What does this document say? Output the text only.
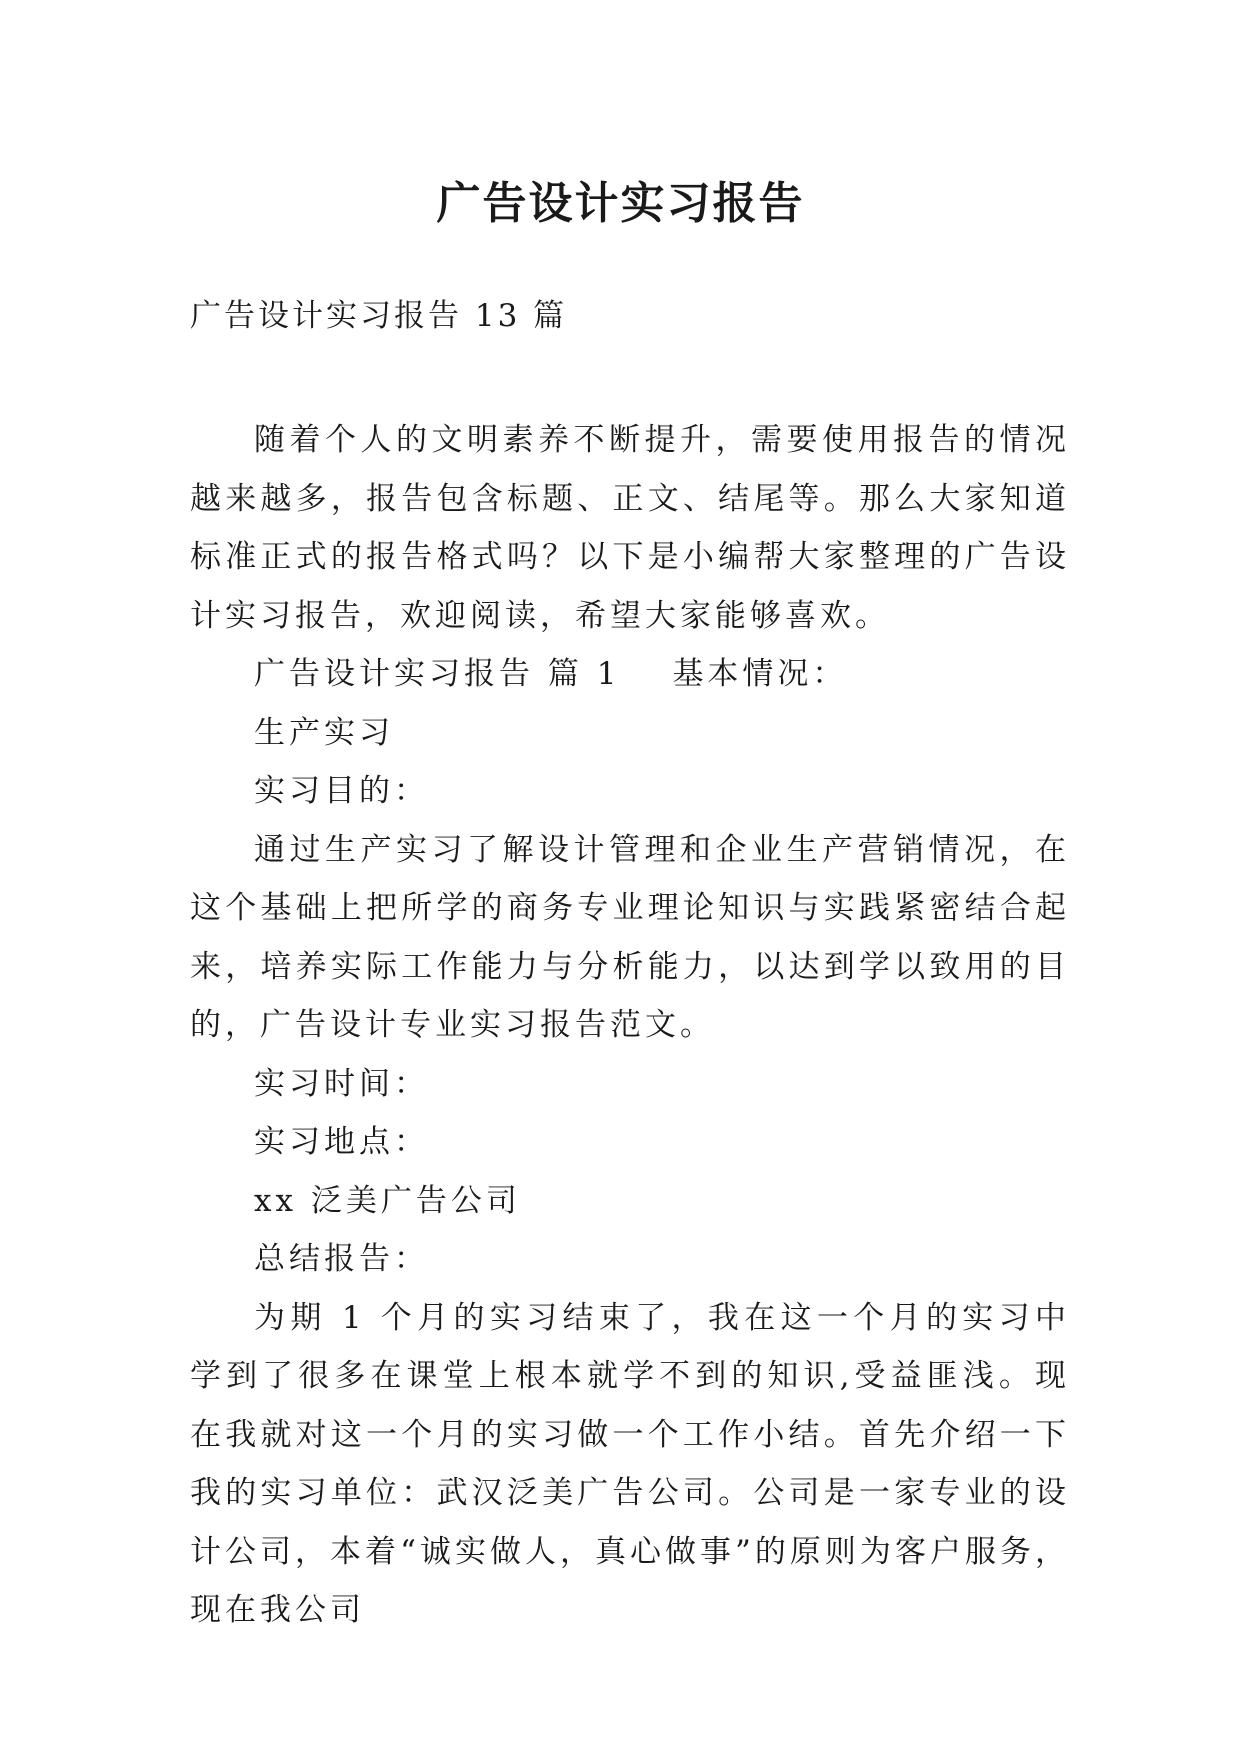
广告设计实习报告
广告设计实习报告 13 篇

随着个人的文明素养不断提升，需要使用报告的情况越来越多，报告包含标题、正文、结尾等。那么大家知道标准正式的报告格式吗？以下是小编帮大家整理的广告设计实习报告，欢迎阅读，希望大家能够喜欢。

广告设计实习报告 篇 1 基本情况：

生产实习

实习目的：

通过生产实习了解设计管理和企业生产营销情况，在这个基础上把所学的商务专业理论知识与实践紧密结合起来，培养实际工作能力与分析能力，以达到学以致用的目的，广告设计专业实习报告范文。

实习时间：

实习地点：

xx 泛美广告公司

总结报告：

为期 1 个月的实习结束了，我在这一个月的实习中学到了很多在课堂上根本就学不到的知识,受益匪浅。现在我就对这一个月的实习做一个工作小结。首先介绍一下我的实习单位：武汉泛美广告公司。公司是一家专业的设计公司，本着“诚实做人，真心做事”的原则为客户服务，现在我公司
